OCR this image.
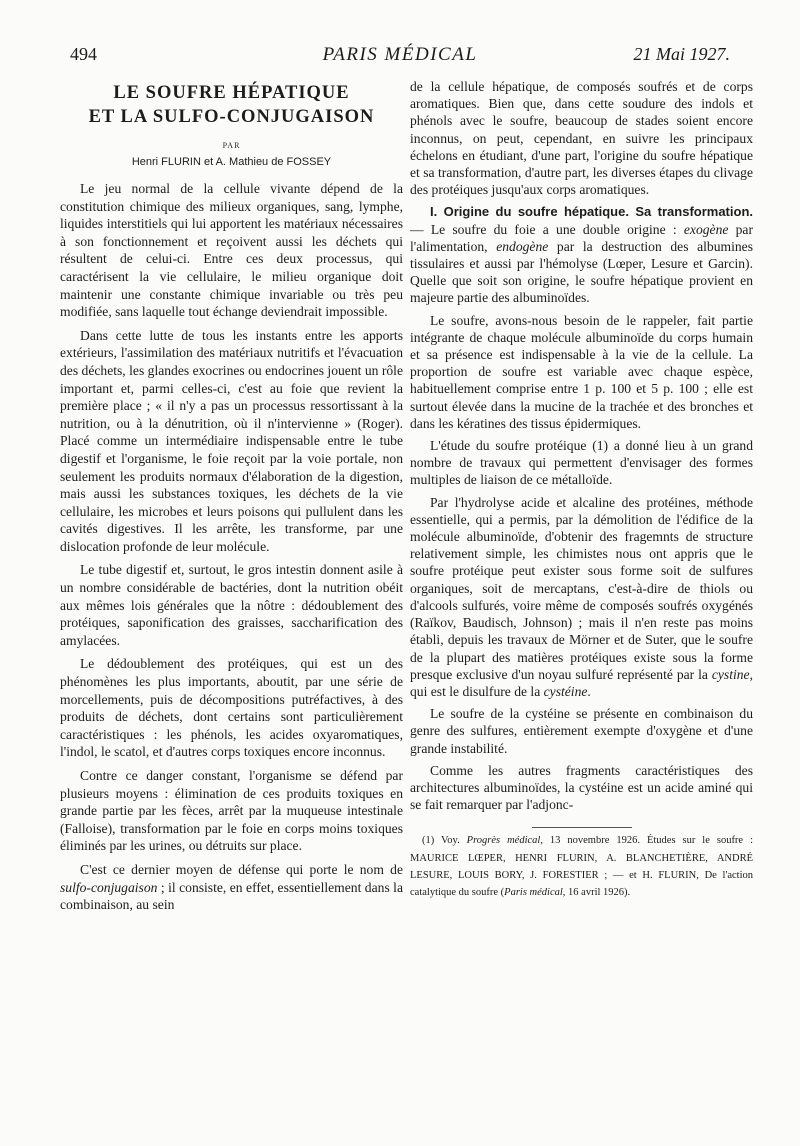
494	PARIS MÉDICAL	21 Mai 1927.
LE SOUFRE HÉPATIQUE
ET LA SULFO-CONJUGAISON
PAR
Henri FLURIN et A. Mathieu de FOSSEY

Le jeu normal de la cellule vivante dépend de la constitution chimique des milieux organiques, sang, lymphe, liquides interstitiels qui lui apportent les matériaux nécessaires à son fonctionnement et reçoivent aussi les déchets qui résultent de celui-ci. Entre ces deux processus, qui caractérisent la vie cellulaire, le milieu organique doit maintenir une constante chimique invariable ou très peu modifiée, sans laquelle tout échange deviendrait impossible.

Dans cette lutte de tous les instants entre les apports extérieurs, l'assimilation des matériaux nutritifs et l'évacuation des déchets, les glandes exocrines ou endocrines jouent un rôle important et, parmi celles-ci, c'est au foie que revient la première place ; « il n'y a pas un processus ressortissant à la nutrition, ou à la dénutrition, où il n'intervienne » (Roger). Placé comme un intermédiaire indispensable entre le tube digestif et l'organisme, le foie reçoit par la voie portale, non seulement les produits normaux d'élaboration de la digestion, mais aussi les substances toxiques, les déchets de la vie cellulaire, les microbes et leurs poisons qui pullulent dans les cavités digestives. Il les arrête, les transforme, par une dislocation profonde de leur molécule.

Le tube digestif et, surtout, le gros intestin donnent asile à un nombre considérable de bactéries, dont la nutrition obéit aux mêmes lois générales que la nôtre : dédoublement des protéiques, saponification des graisses, saccharification des amylacées.

Le dédoublement des protéiques, qui est un des phénomènes les plus importants, aboutit, par une série de morcellements, puis de décompositions putréfactives, à des produits de déchets, dont certains sont particulièrement caractéristiques : les phénols, les acides oxyaromatiques, l'indol, le scatol, et d'autres corps toxiques encore inconnus.

Contre ce danger constant, l'organisme se défend par plusieurs moyens : élimination de ces produits toxiques en grande partie par les fèces, arrêt par la muqueuse intestinale (Falloise), transformation par le foie en corps moins toxiques éliminés par les urines, ou détruits sur place.

C'est ce dernier moyen de défense qui porte le nom de sulfo-conjugaison ; il consiste, en effet, essentiellement dans la combinaison, au sein

de la cellule hépatique, de composés soufrés et de corps aromatiques. Bien que, dans cette soudure des indols et phénols avec le soufre, beaucoup de stades soient encore inconnus, on peut, cependant, en suivre les principaux échelons en étudiant, d'une part, l'origine du soufre hépatique et sa transformation, d'autre part, les diverses étapes du clivage des protéiques jusqu'aux corps aromatiques.

I. Origine du soufre hépatique. Sa transformation. — Le soufre du foie a une double origine : exogène par l'alimentation, endogène par la destruction des albumines tissulaires et aussi par l'hémolyse (Lœper, Lesure et Garcin). Quelle que soit son origine, le soufre hépatique provient en majeure partie des albuminoïdes.

Le soufre, avons-nous besoin de le rappeler, fait partie intégrante de chaque molécule albuminoïde du corps humain et sa présence est indispensable à la vie de la cellule. La proportion de soufre est variable avec chaque espèce, habituellement comprise entre 1 p. 100 et 5 p. 100 ; elle est surtout élevée dans la mucine de la trachée et des bronches et dans les kératines des tissus épidermiques.

L'étude du soufre protéique (1) a donné lieu à un grand nombre de travaux qui permettent d'envisager des formes multiples de liaison de ce métalloïde.

Par l'hydrolyse acide et alcaline des protéines, méthode essentielle, qui a permis, par la démolition de l'édifice de la molécule albuminoïde, d'obtenir des fragemnts de structure relativement simple, les chimistes nous ont appris que le soufre protéique peut exister sous forme soit de sulfures organiques, soit de mercaptans, c'est-à-dire de thiols ou d'alcools sulfurés, voire même de composés soufrés oxygénés (Raïkov, Baudisch, Johnson) ; mais il n'en reste pas moins établi, depuis les travaux de Mörner et de Suter, que le soufre de la plupart des matières protéiques existe sous la forme presque exclusive d'un noyau sulfuré représenté par la cystine, qui est le disulfure de la cystéine.

Le soufre de la cystéine se présente en combinaison du genre des sulfures, entièrement exempte d'oxygène et d'une grande instabilité.

Comme les autres fragments caractéristiques des architectures albuminoïdes, la cystéine est un acide aminé qui se fait remarquer par l'adjonc-

(1) Voy. Progrès médical, 13 novembre 1926. Études sur le soufre : MAURICE LŒPER, HENRI FLURIN, A. BLANCHETIÈRE, ANDRÉ LESURE, LOUIS BORY, J. FORESTIER ; — et H. FLURIN, De l'action catalytique du soufre (Paris médical, 16 avril 1926).
